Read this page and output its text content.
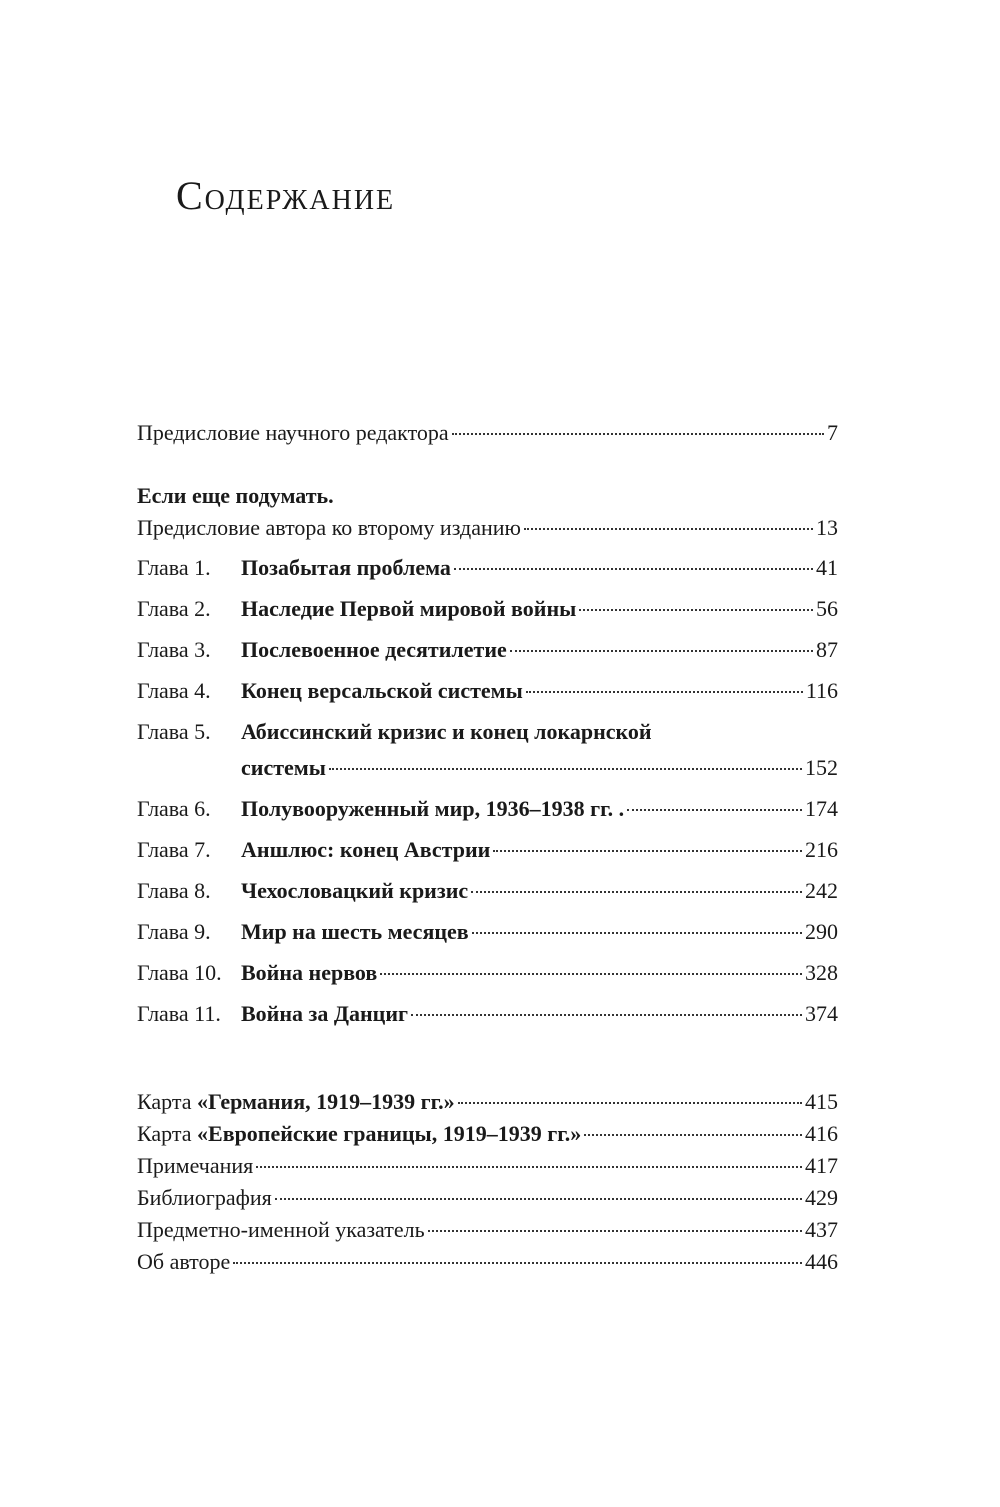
Содержание
Предисловие научного редактора	7
Если еще подумать.
Предисловие автора ко второму изданию	13
Глава 1.	Позабытая проблема	41
Глава 2.	Наследие Первой мировой войны	56
Глава 3.	Послевоенное десятилетие	87
Глава 4.	Конец версальской системы	116
Глава 5.	Абиссинский кризис и конец локарнской
системы	152
Глава 6.	Полувооруженный мир, 1936–1938 гг. .	174
Глава 7.	Аншлюс: конец Австрии	216
Глава 8.	Чехословацкий кризис	242
Глава 9.	Мир на шесть месяцев	290
Глава 10. Война нервов	328
Глава 11. Война за Данциг	374
Карта «Германия, 1919–1939 гг.»	415
Карта «Европейские границы, 1919–1939 гг.»	416
Примечания	417
Библиография	429
Предметно-именной указатель	437
Об авторе	446
